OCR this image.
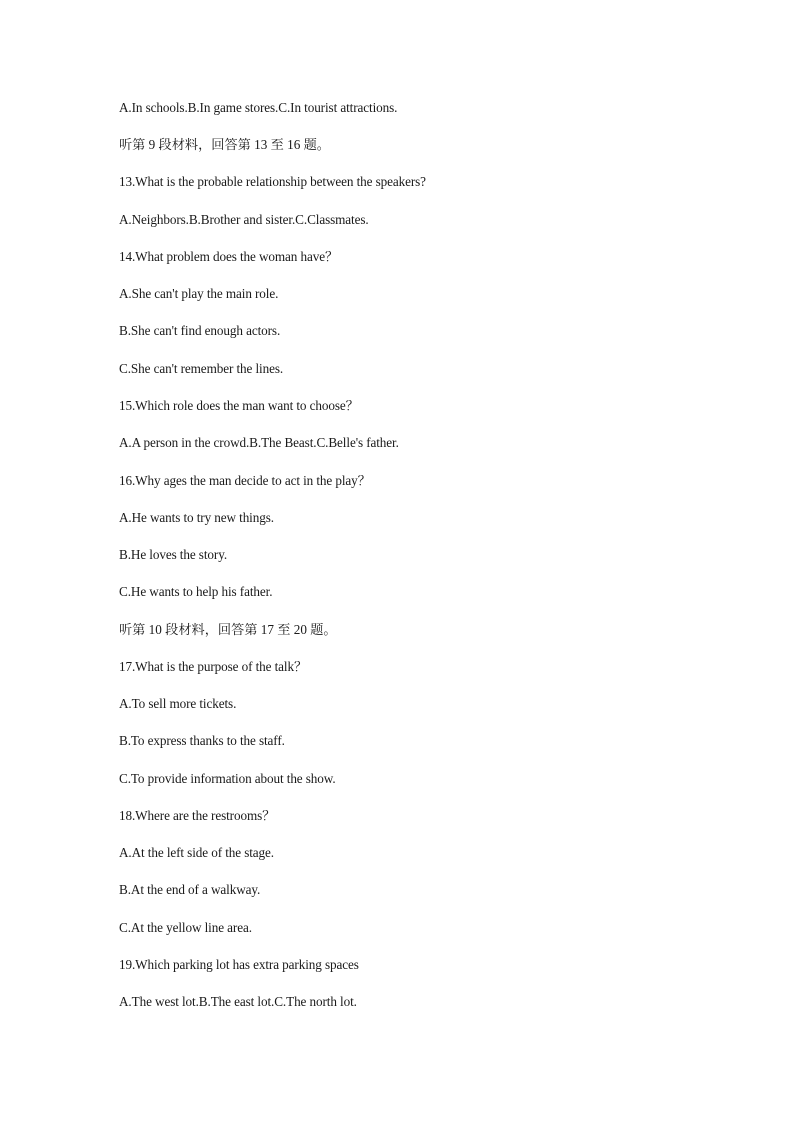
A.In schools.B.In game stores.C.In tourist attractions.
听第 9 段材料，回答第 13 至 16 题。
13.What is the probable relationship between the speakers?
A.Neighbors.B.Brother and sister.C.Classmates.
14.What problem does the woman have？
A.She can't play the main role.
B.She can't find enough actors.
C.She can't remember the lines.
15.Which role does the man want to choose？
A.A person in the crowd.B.The Beast.C.Belle's father.
16.Why ages the man decide to act in the play？
A.He wants to try new things.
B.He loves the story.
C.He wants to help his father.
听第 10 段材料，回答第 17 至 20 题。
17.What is the purpose of the talk？
A.To sell more tickets.
B.To express thanks to the staff.
C.To provide information about the show.
18.Where are the restrooms？
A.At the left side of the stage.
B.At the end of a walkway.
C.At the yellow line area.
19.Which parking lot has extra parking spaces
A.The west lot.B.The east lot.C.The north lot.
